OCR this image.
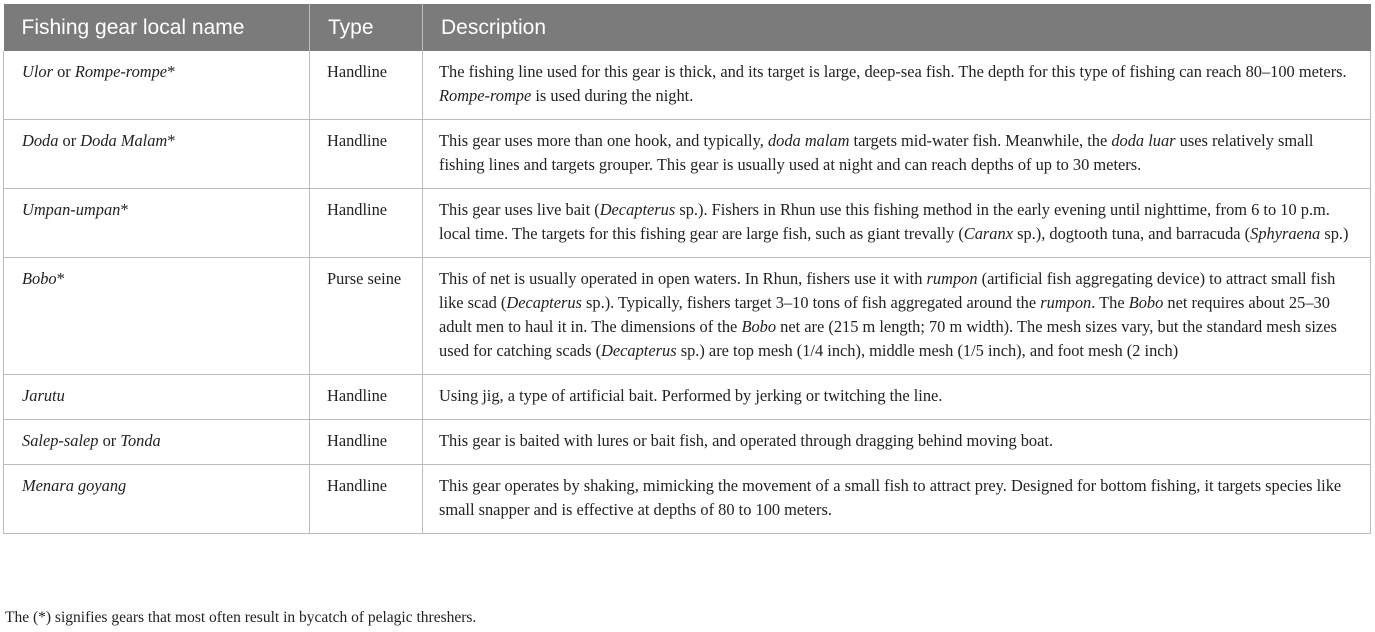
Fishing gear local name	Type	Description
Ulor or Rompe-rompe*	Handline	The fishing line used for this gear is thick, and its target is large, deep-sea fish. The depth for this type of fishing can reach 80–100 meters. Rompe-rompe is used during the night.
Doda or Doda Malam*	Handline	This gear uses more than one hook, and typically, doda malam targets mid-water fish. Meanwhile, the doda luar uses relatively small fishing lines and targets grouper. This gear is usually used at night and can reach depths of up to 30 meters.
Umpan-umpan*	Handline	This gear uses live bait (Decapterus sp.). Fishers in Rhun use this fishing method in the early evening until nighttime, from 6 to 10 p.m. local time. The targets for this fishing gear are large fish, such as giant trevally (Caranx sp.), dogtooth tuna, and barracuda (Sphyraena sp.)
Bobo*	Purse seine	This of net is usually operated in open waters. In Rhun, fishers use it with rumpon (artificial fish aggregating device) to attract small fish like scad (Decapterus sp.). Typically, fishers target 3–10 tons of fish aggregated around the rumpon. The Bobo net requires about 25–30 adult men to haul it in. The dimensions of the Bobo net are (215 m length; 70 m width). The mesh sizes vary, but the standard mesh sizes used for catching scads (Decapterus sp.) are top mesh (1/4 inch), middle mesh (1/5 inch), and foot mesh (2 inch)
Jarutu	Handline	Using jig, a type of artificial bait. Performed by jerking or twitching the line.
Salep-salep or Tonda	Handline	This gear is baited with lures or bait fish, and operated through dragging behind moving boat.
Menara goyang	Handline	This gear operates by shaking, mimicking the movement of a small fish to attract prey. Designed for bottom fishing, it targets species like small snapper and is effective at depths of 80 to 100 meters.
The (*) signifies gears that most often result in bycatch of pelagic threshers.
